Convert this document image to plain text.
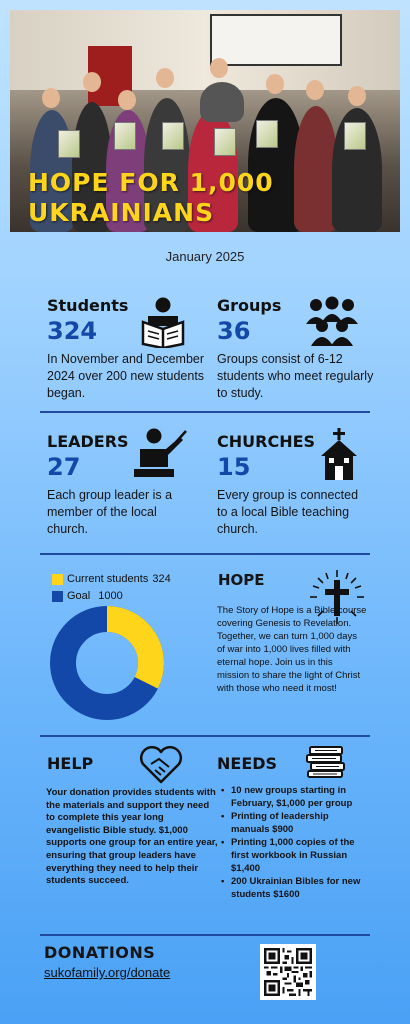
HOPE FOR 1,000
UKRAINIANS
January 2025
Students
324
In November and December 2024 over 200 new students began.
Groups
36
Groups consist of 6-12 students who meet regularly to study.
LEADERS
27
Each group leader is a member of the local church.
CHURCHES
15
Every group is connected to a local Bible teaching church.
Current students 324
Goal 1000
HOPE
The Story of Hope is a Bible course covering Genesis to Revelation. Together, we can turn 1,000 days of war into 1,000 lives filled with eternal hope. Join us in this mission to share the light of Christ with those who need it most!
HELP
Your donation provides students with the materials and support they need to complete this year long evangelistic Bible study. $1,000 supports one group for an entire year, ensuring that group leaders have everything they need to help their students succeed.
NEEDS
• 10 new groups starting in February, $1,000 per group
• Printing of leadership manuals $900
• Printing 1,000 copies of the first workbook in Russian $1,400
• 200 Ukrainian Bibles for new students $1600
DONATIONS
sukofamily.org/donate
